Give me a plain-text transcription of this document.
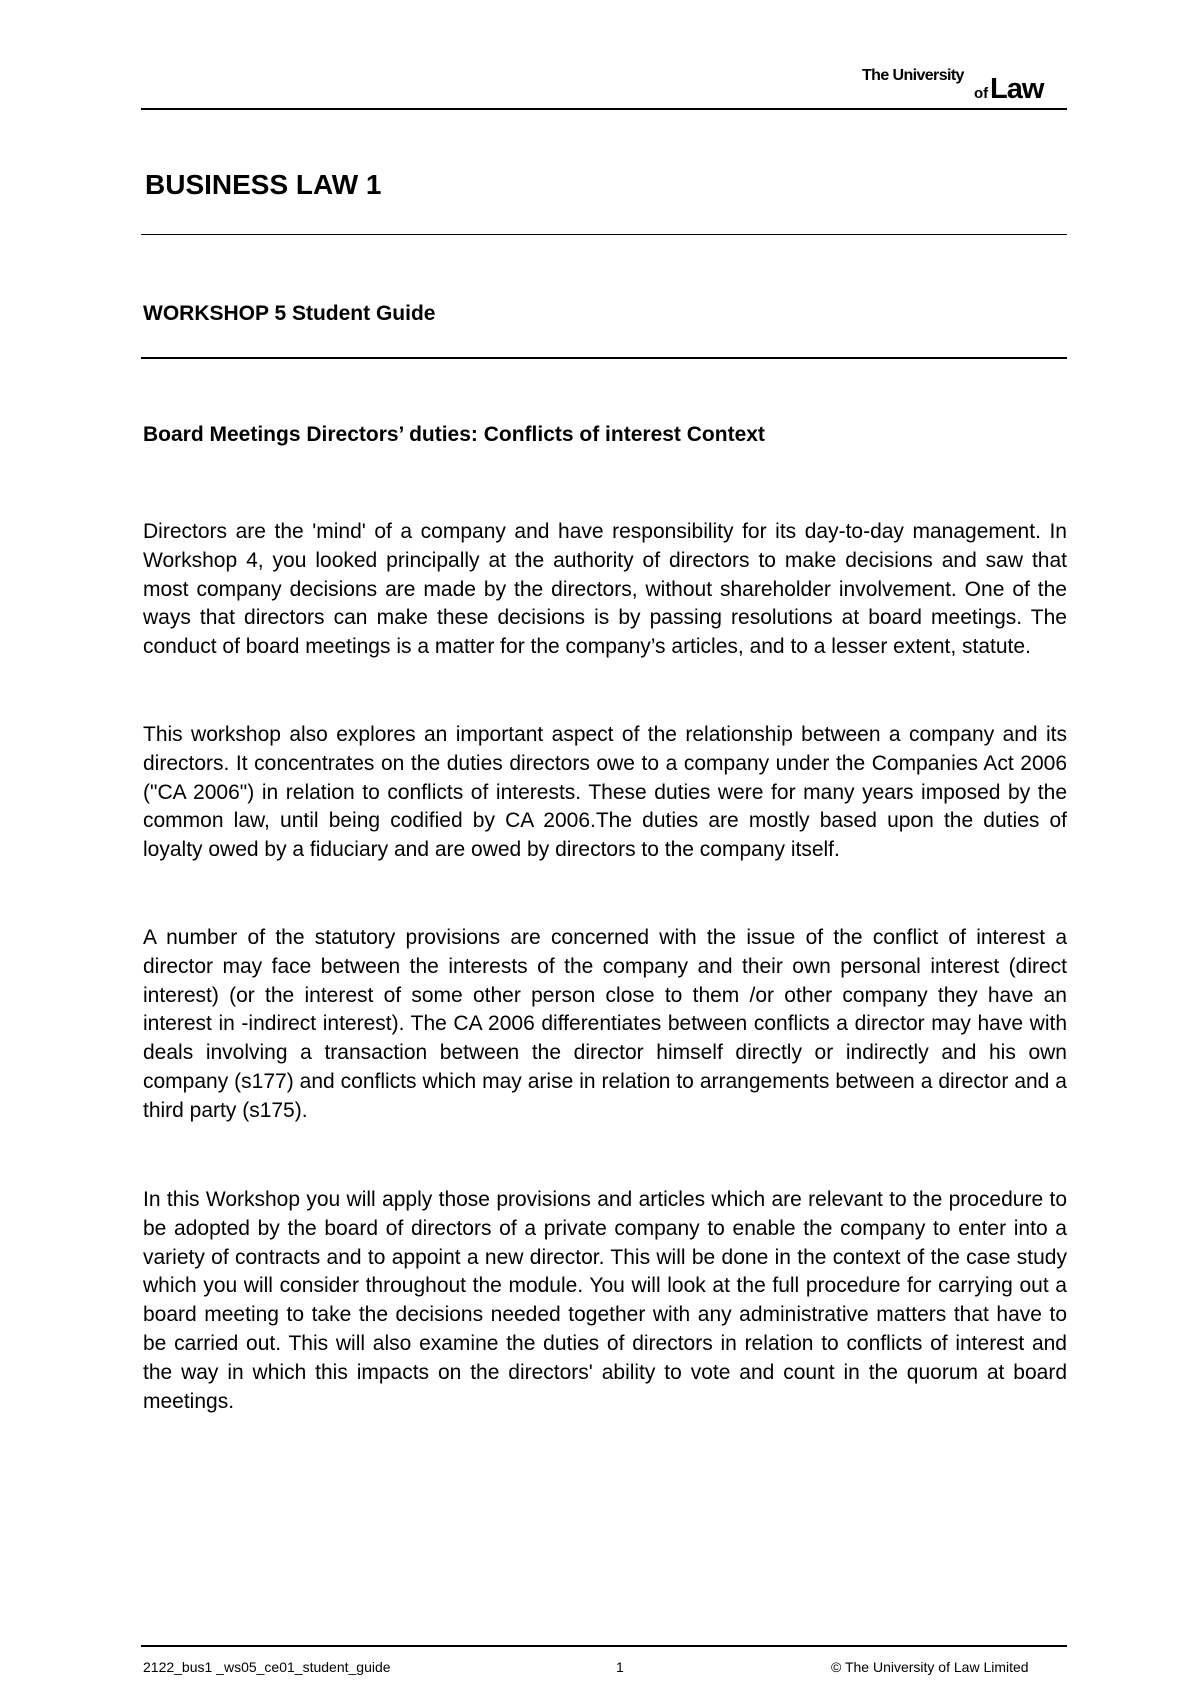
The University
of Law
BUSINESS LAW 1
WORKSHOP 5 Student Guide
Board Meetings Directors’ duties: Conflicts of interest Context

Directors are the 'mind' of a company and have responsibility for its day-to-day management. In Workshop 4, you looked principally at the authority of directors to make decisions and saw that most company decisions are made by the directors, without shareholder involvement. One of the ways that directors can make these decisions is by passing resolutions at board meetings. The conduct of board meetings is a matter for the company’s articles, and to a lesser extent, statute.

This workshop also explores an important aspect of the relationship between a company and its directors. It concentrates on the duties directors owe to a company under the Companies Act 2006 ("CA 2006") in relation to conflicts of interests. These duties were for many years imposed by the common law, until being codified by CA 2006.The duties are mostly based upon the duties of loyalty owed by a fiduciary and are owed by directors to the company itself.

A number of the statutory provisions are concerned with the issue of the conflict of interest a director may face between the interests of the company and their own personal interest (direct interest) (or the interest of some other person close to them /or other company they have an interest in -indirect interest). The CA 2006 differentiates between conflicts a director may have with deals involving a transaction between the director himself directly or indirectly and his own company (s177) and conflicts which may arise in relation to arrangements between a director and a third party (s175).

In this Workshop you will apply those provisions and articles which are relevant to the procedure to be adopted by the board of directors of a private company to enable the company to enter into a variety of contracts and to appoint a new director. This will be done in the context of the case study which you will consider throughout the module. You will look at the full procedure for carrying out a board meeting to take the decisions needed together with any administrative matters that have to be carried out. This will also examine the duties of directors in relation to conflicts of interest and the way in which this impacts on the directors' ability to vote and count in the quorum at board meetings.

2122_bus1 _ws05_ce01_student_guide	1	© The University of Law Limited
